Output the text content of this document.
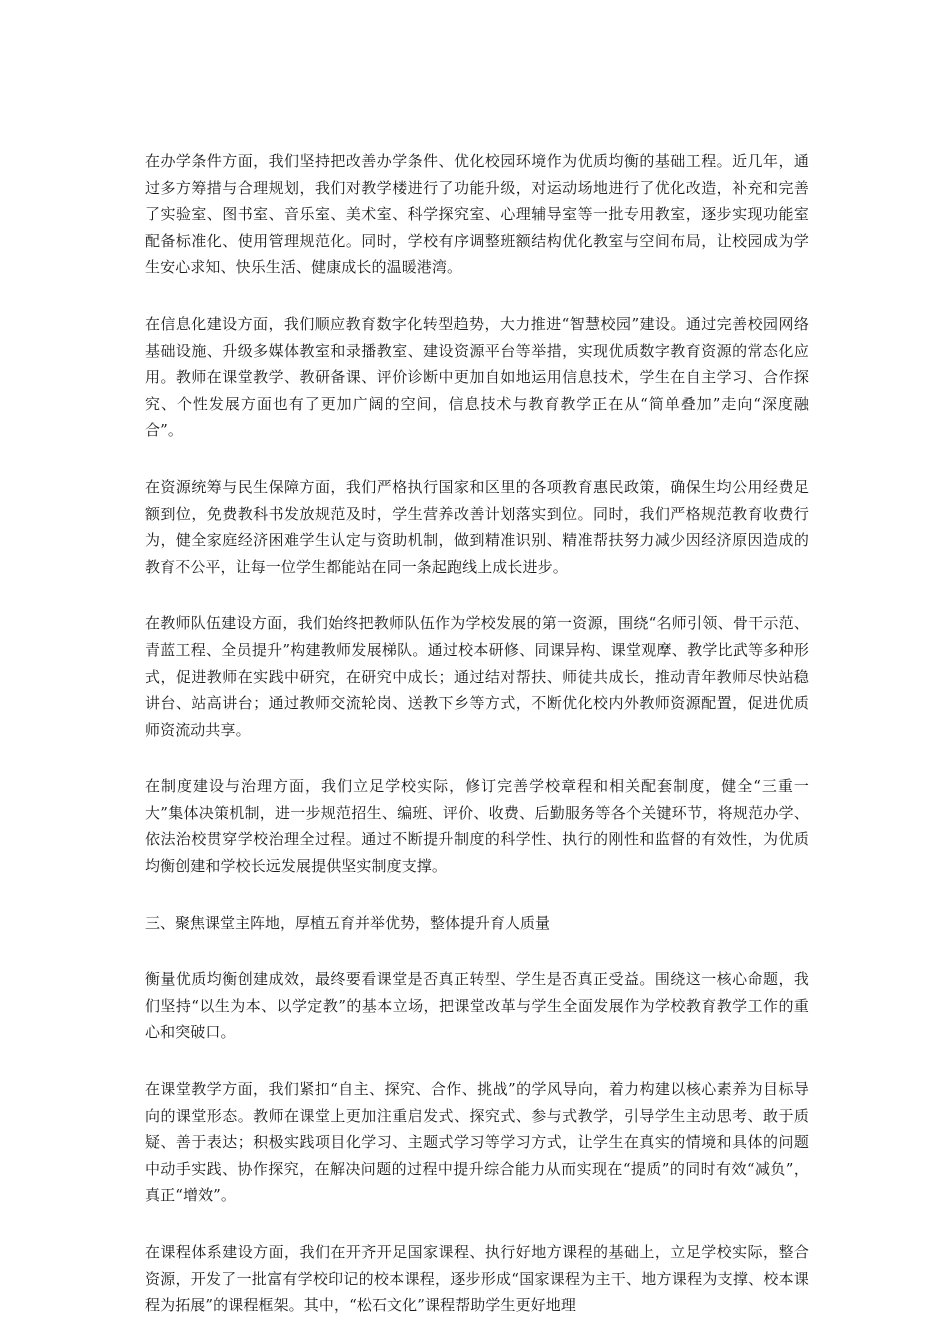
在办学条件方面，我们坚持把改善办学条件、优化校园环境作为优质均衡的基础工程。近几年，通过多方筹措与合理规划，我们对教学楼进行了功能升级，对运动场地进行了优化改造，补充和完善了实验室、图书室、音乐室、美术室、科学探究室、心理辅导室等一批专用教室，逐步实现功能室配备标准化、使用管理规范化。同时，学校有序调整班额结构优化教室与空间布局，让校园成为学生安心求知、快乐生活、健康成长的温暖港湾。

在信息化建设方面，我们顺应教育数字化转型趋势，大力推进“智慧校园”建设。通过完善校园网络基础设施、升级多媒体教室和录播教室、建设资源平台等举措，实现优质数字教育资源的常态化应用。教师在课堂教学、教研备课、评价诊断中更加自如地运用信息技术，学生在自主学习、合作探究、个性发展方面也有了更加广阔的空间，信息技术与教育教学正在从“简单叠加”走向“深度融合”。

在资源统筹与民生保障方面，我们严格执行国家和区里的各项教育惠民政策，确保生均公用经费足额到位，免费教科书发放规范及时，学生营养改善计划落实到位。同时，我们严格规范教育收费行为，健全家庭经济困难学生认定与资助机制，做到精准识别、精准帮扶努力减少因经济原因造成的教育不公平，让每一位学生都能站在同一条起跑线上成长进步。

在教师队伍建设方面，我们始终把教师队伍作为学校发展的第一资源，围绕“名师引领、骨干示范、青蓝工程、全员提升”构建教师发展梯队。通过校本研修、同课异构、课堂观摩、教学比武等多种形式，促进教师在实践中研究，在研究中成长；通过结对帮扶、师徒共成长，推动青年教师尽快站稳讲台、站高讲台；通过教师交流轮岗、送教下乡等方式，不断优化校内外教师资源配置，促进优质师资流动共享。

在制度建设与治理方面，我们立足学校实际，修订完善学校章程和相关配套制度，健全“三重一大”集体决策机制，进一步规范招生、编班、评价、收费、后勤服务等各个关键环节，将规范办学、依法治校贯穿学校治理全过程。通过不断提升制度的科学性、执行的刚性和监督的有效性，为优质均衡创建和学校长远发展提供坚实制度支撑。

三、聚焦课堂主阵地，厚植五育并举优势，整体提升育人质量

衡量优质均衡创建成效，最终要看课堂是否真正转型、学生是否真正受益。围绕这一核心命题，我们坚持“以生为本、以学定教”的基本立场，把课堂改革与学生全面发展作为学校教育教学工作的重心和突破口。

在课堂教学方面，我们紧扣“自主、探究、合作、挑战”的学风导向，着力构建以核心素养为目标导向的课堂形态。教师在课堂上更加注重启发式、探究式、参与式教学，引导学生主动思考、敢于质疑、善于表达；积极实践项目化学习、主题式学习等学习方式，让学生在真实的情境和具体的问题中动手实践、协作探究，在解决问题的过程中提升综合能力从而实现在“提质”的同时有效“减负”，真正“增效”。

在课程体系建设方面，我们在开齐开足国家课程、执行好地方课程的基础上，立足学校实际，整合资源，开发了一批富有学校印记的校本课程，逐步形成“国家课程为主干、地方课程为支撑、校本课程为拓展”的课程框架。其中，“松石文化”课程帮助学生更好地理
